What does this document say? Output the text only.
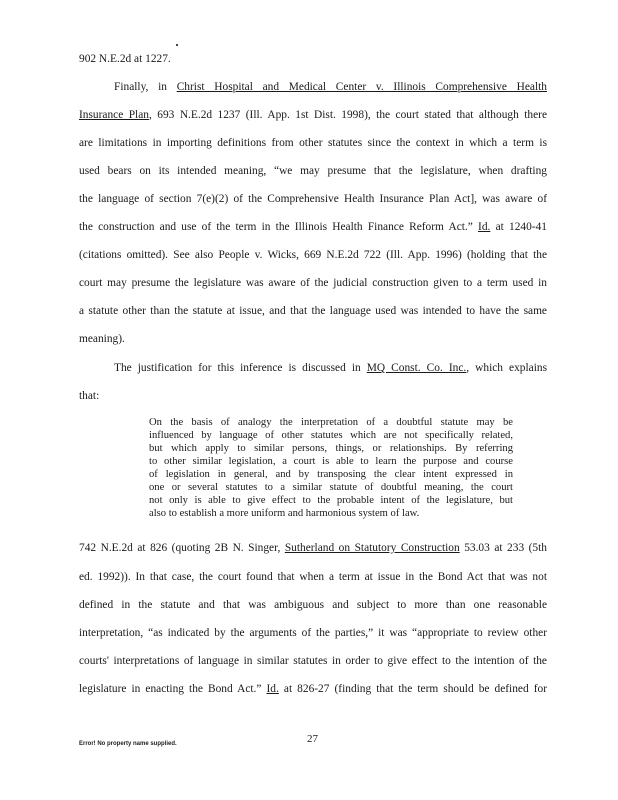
902 N.E.2d at 1227.
Finally, in Christ Hospital and Medical Center v. Illinois Comprehensive Health
Insurance Plan, 693 N.E.2d 1237 (Ill. App. 1st Dist. 1998), the court stated that although there
are limitations in importing definitions from other statutes since the context in which a term is
used bears on its intended meaning, “we may presume that the legislature, when drafting
the language of section 7(e)(2) of the Comprehensive Health Insurance Plan Act], was aware of
the construction and use of the term in the Illinois Health Finance Reform Act.” Id. at 1240-41
(citations omitted). See also People v. Wicks, 669 N.E.2d 722 (Ill. App. 1996) (holding that the
court may presume the legislature was aware of the judicial construction given to a term used in
a statute other than the statute at issue, and that the language used was intended to have the same
meaning).
The justification for this inference is discussed in MQ Const. Co. Inc., which explains
that:
On the basis of analogy the interpretation of a doubtful statute may be
influenced by language of other statutes which are not specifically related,
but which apply to similar persons, things, or relationships. By referring
to other similar legislation, a court is able to learn the purpose and course
of legislation in general, and by transposing the clear intent expressed in
one or several statutes to a similar statute of doubtful meaning, the court
not only is able to give effect to the probable intent of the legislature, but
also to establish a more uniform and harmonious system of law.
742 N.E.2d at 826 (quoting 2B N. Singer, Sutherland on Statutory Construction 53.03 at 233 (5th
ed. 1992)). In that case, the court found that when a term at issue in the Bond Act that was not
defined in the statute and that was ambiguous and subject to more than one reasonable
interpretation, “as indicated by the arguments of the parties,” it was “appropriate to review other
courts' interpretations of language in similar statutes in order to give effect to the intention of the
legislature in enacting the Bond Act.” Id. at 826-27 (finding that the term should be defined for
Error! No property name supplied.	27
